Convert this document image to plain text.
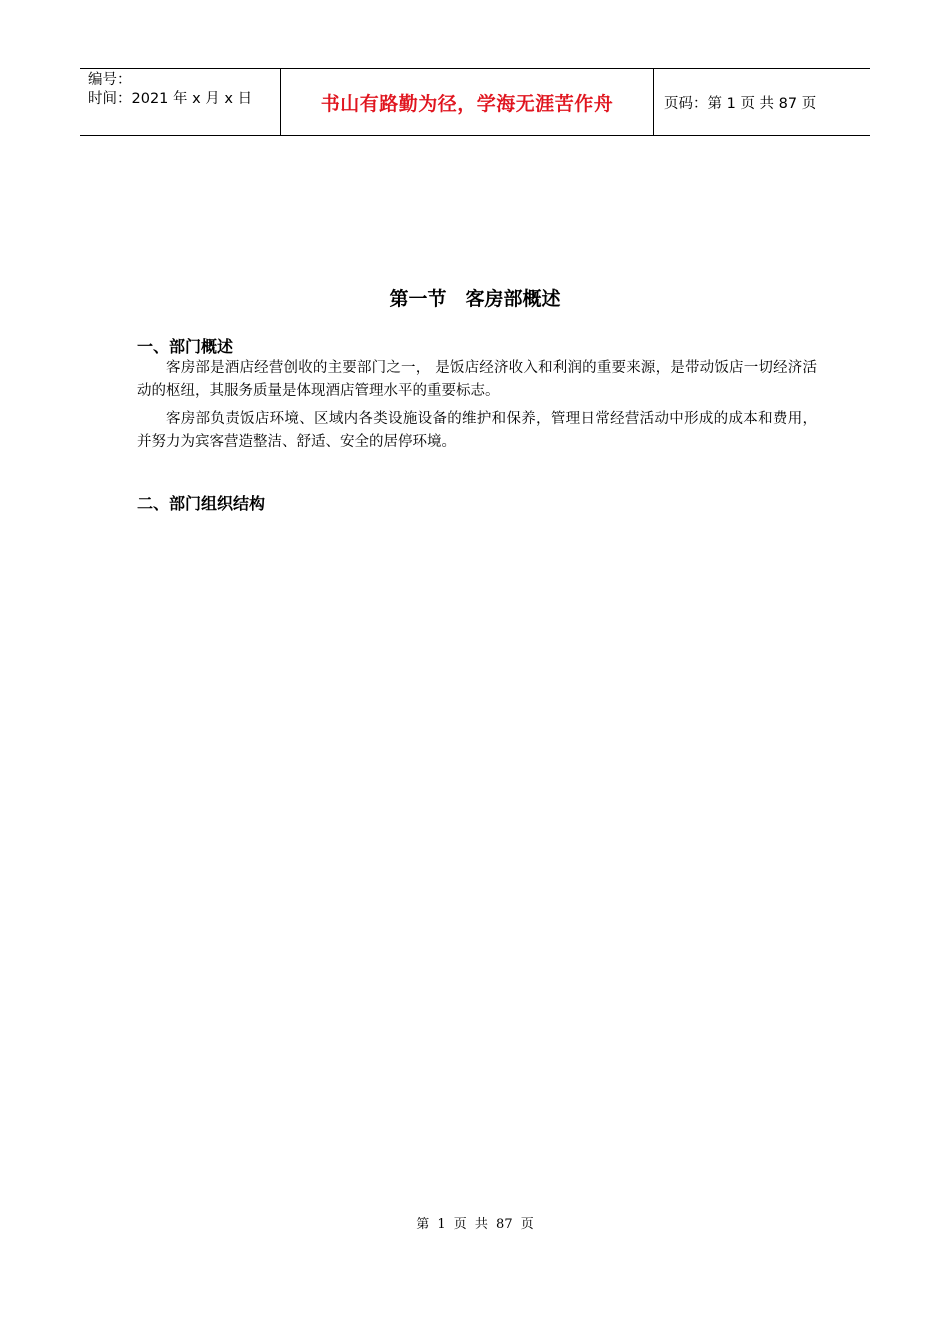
编号：
时间：2021 年 x 月 x 日	书山有路勤为径，学海无涯苦作舟	页码：第 1 页 共 87 页
第一节　客房部概述
一、部门概述
客房部是酒店经营创收的主要部门之一， 是饭店经济收入和利润的重要来源，是带动饭店一切经济活动的枢纽，其服务质量是体现酒店管理水平的重要标志。
客房部负责饭店环境、区域内各类设施设备的维护和保养，管理日常经营活动中形成的成本和费用，并努力为宾客营造整洁、舒适、安全的居停环境。
二、部门组织结构
第 1 页 共 87 页
